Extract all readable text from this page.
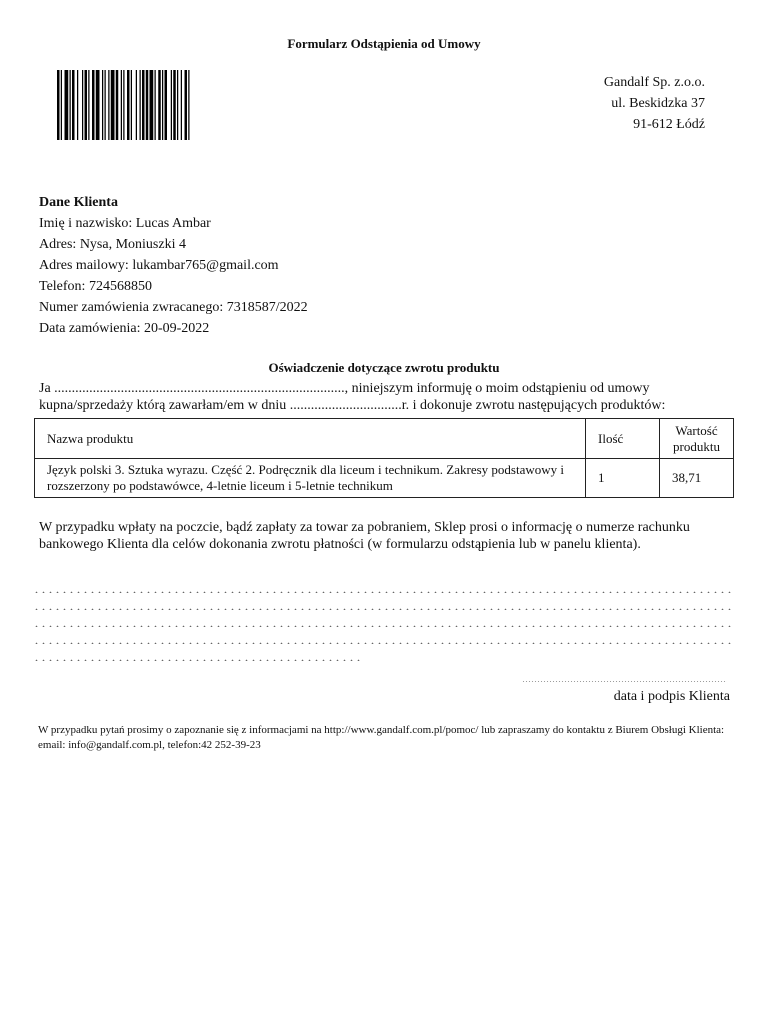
Formularz Odstąpienia od Umowy
Gandalf Sp. z.o.o.
ul. Beskidzka 37
91-612 Łódź
Dane Klienta
Imię i nazwisko: Lucas Ambar
Adres: Nysa, Moniuszki 4
Adres mailowy: lukambar765@gmail.com
Telefon: 724568850
Numer zamówienia zwracanego: 7318587/2022
Data zamówienia: 20-09-2022
Oświadczenie dotyczące zwrotu produktu
Ja ..................................................................................., niniejszym informuję o moim odstąpieniu od umowy kupna/sprzedaży którą zawarłam/em w dniu ................................r. i dokonuje zwrotu następujących produktów:
Nazwa produktu	Ilość	Wartość produktu
Język polski 3. Sztuka wyrazu. Część 2. Podręcznik dla liceum i technikum. Zakresy podstawowy i rozszerzony po podstawówce, 4-letnie liceum i 5-letnie technikum	1	38,71
W przypadku wpłaty na poczcie, bądź zapłaty za towar za pobraniem, Sklep prosi o informację o numerze rachunku bankowego Klienta dla celów dokonania zwrotu płatności (w formularzu odstąpienia lub w panelu klienta).
data i podpis Klienta
W przypadku pytań prosimy o zapoznanie się z informacjami na http://www.gandalf.com.pl/pomoc/ lub zapraszamy do kontaktu z Biurem Obsługi Klienta: email: info@gandalf.com.pl, telefon:42 252-39-23
